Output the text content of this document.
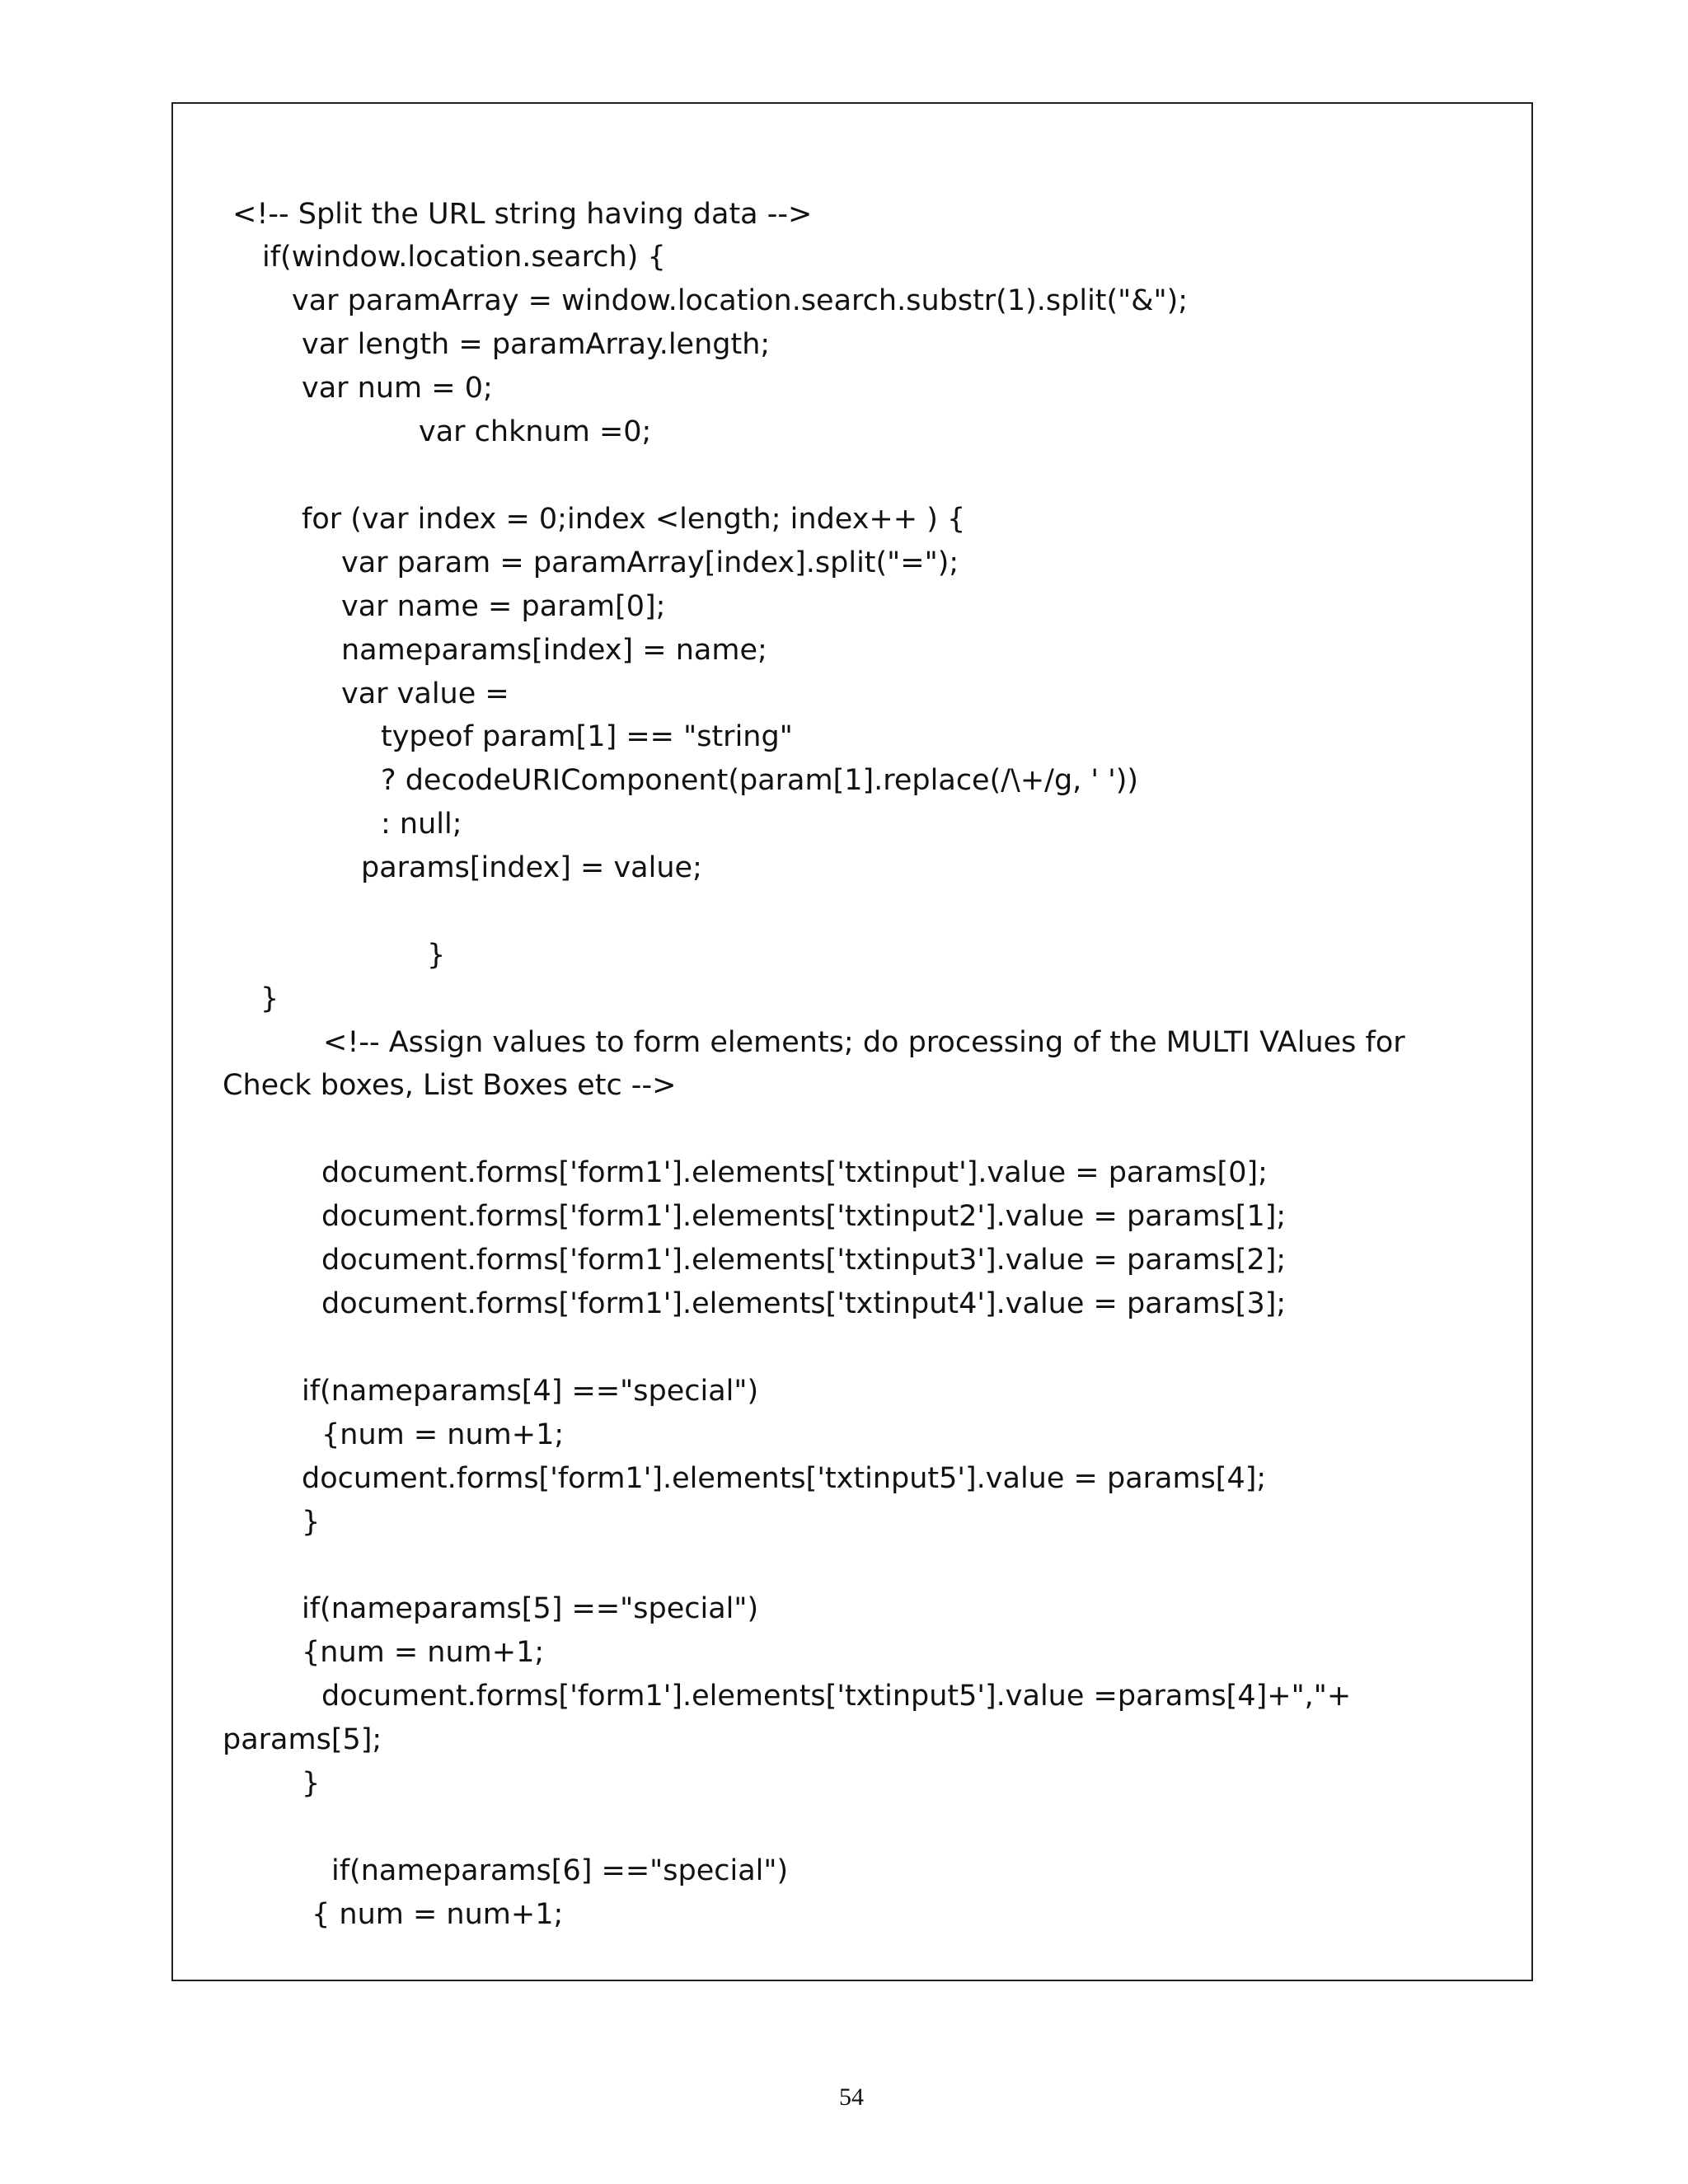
<!-- Split the URL string having data -->
if(window.location.search) {
var paramArray = window.location.search.substr(1).split("&");
var length = paramArray.length;
var num = 0;
var chknum =0;
for (var index = 0;index <length; index++ ) {
var param = paramArray[index].split("=");
var name = param[0];
nameparams[index] = name;
var value =
typeof param[1] == "string"
? decodeURIComponent(param[1].replace(/\+/g, ' '))
: null;
params[index] = value;
}
}
<!-- Assign values to form elements; do processing of the MULTI VAlues for
Check boxes, List Boxes etc -->
document.forms['form1'].elements['txtinput'].value = params[0];
document.forms['form1'].elements['txtinput2'].value = params[1];
document.forms['form1'].elements['txtinput3'].value = params[2];
document.forms['form1'].elements['txtinput4'].value = params[3];
if(nameparams[4] =="special")
{num = num+1;
document.forms['form1'].elements['txtinput5'].value = params[4];
}
if(nameparams[5] =="special")
{num = num+1;
document.forms['form1'].elements['txtinput5'].value =params[4]+","+
params[5];
}
if(nameparams[6] =="special")
{ num = num+1;
54
